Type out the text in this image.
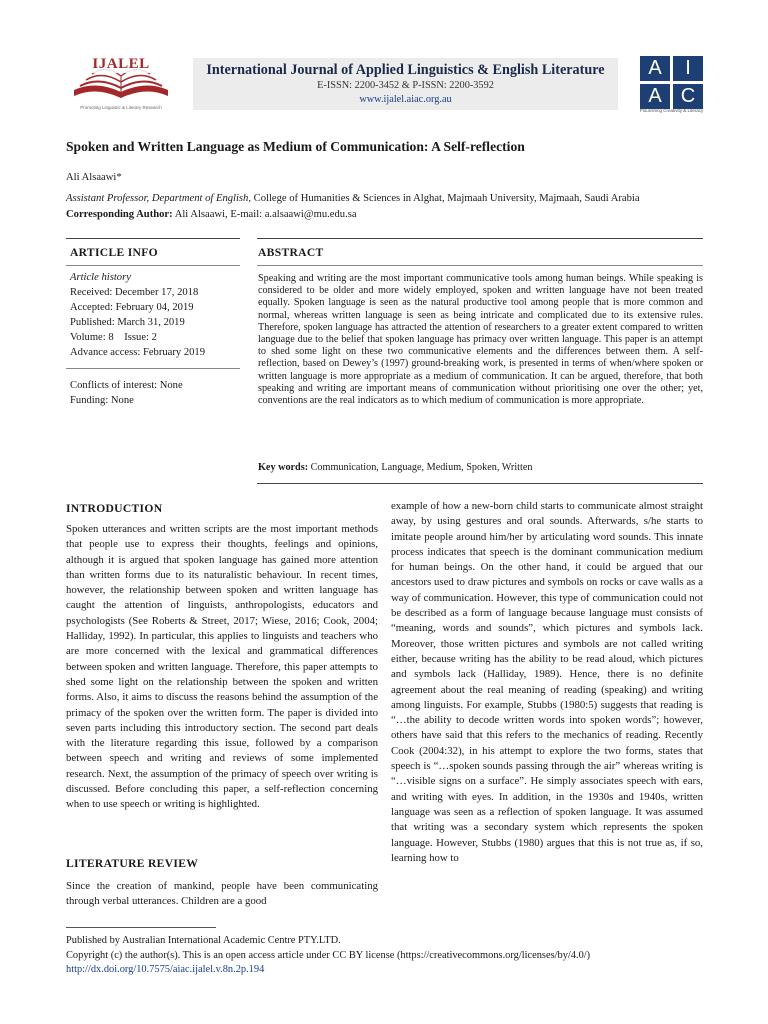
IJALEL
Promoting Linguistic & Literary Research
International Journal of Applied Linguistics & English Literature
E-ISSN: 2200-3452 & P-ISSN: 2200-3592
www.ijalel.aiac.org.au
A	I
A C
Flourishing Creativity & Literacy
Spoken and Written Language as Medium of Communication: A Self-reflection
Ali Alsaawi*
Assistant Professor, Department of English, College of Humanities & Sciences in Alghat, Majmaah University, Majmaah, Saudi Arabia
Corresponding Author: Ali Alsaawi, E-mail: a.alsaawi@mu.edu.sa
ARTICLE INFO	ABSTRACT
Article history
Received: December 17, 2018
Accepted: February 04, 2019
Published: March 31, 2019
Volume: 8    Issue: 2
Advance access: February 2019
Conflicts of interest: None
Funding: None
Speaking and writing are the most important communicative tools among human beings. While speaking is considered to be older and more widely employed, spoken and written language have not been treated equally. Spoken language is seen as the natural productive tool among people that is more common and normal, whereas written language is seen as being intricate and complicated due to its extensive rules. Therefore, spoken language has attracted the attention of researchers to a greater extent compared to written language due to the belief that spoken language has primacy over written language. This paper is an attempt to shed some light on these two communicative elements and the differences between them. A self-reflection, based on Dewey’s (1997) ground-breaking work, is presented in terms of when/where spoken or written language is more appropriate as a medium of communication. It can be argued, therefore, that both speaking and writing are important means of communication without prioritising one over the other; yet, conventions are the real indicators as to which medium of communication is more appropriate.
Key words: Communication, Language, Medium, Spoken, Written
INTRODUCTION
Spoken utterances and written scripts are the most important methods that people use to express their thoughts, feelings and opinions, although it is argued that spoken language has gained more attention than written forms due to its naturalistic behaviour. In recent times, however, the relationship between spoken and written language has caught the attention of linguists, anthropologists, educators and psychologists (See Roberts & Street, 2017; Wiese, 2016; Cook, 2004; Halliday, 1992). In particular, this applies to linguists and teachers who are more concerned with the lexical and grammatical differences between spoken and written language. Therefore, this paper attempts to shed some light on the relationship between the spoken and written forms. Also, it aims to discuss the reasons behind the assumption of the primacy of the spoken over the written form. The paper is divided into seven parts including this introductory section. The second part deals with the literature regarding this issue, followed by a comparison between speech and writing and reviews of some implemented research. Next, the assumption of the primacy of speech over writing is discussed. Before concluding this paper, a self-reflection concerning when to use speech or writing is highlighted.
LITERATURE REVIEW
Since the creation of mankind, people have been communicating through verbal utterances. Children are a good
example of how a new-born child starts to communicate almost straight away, by using gestures and oral sounds. Afterwards, s/he starts to imitate people around him/her by articulating word sounds. This innate process indicates that speech is the dominant communication medium for human beings. On the other hand, it could be argued that our ancestors used to draw pictures and symbols on rocks or cave walls as a way of communication. However, this type of communication could not be described as a form of language because language must consists of “meaning, words and sounds”, which pictures and symbols lack. Moreover, those written pictures and symbols are not called writing either, because writing has the ability to be read aloud, which pictures and symbols lack (Halliday, 1989). Hence, there is no definite agreement about the real meaning of reading (speaking) and writing among linguists. For example, Stubbs (1980:5) suggests that reading is “…the ability to decode written words into spoken words”; however, others have said that this refers to the mechanics of reading. Recently Cook (2004:32), in his attempt to explore the two forms, states that speech is “…spoken sounds passing through the air” whereas writing is “…visible signs on a surface”. He simply associates speech with ears, and writing with eyes. In addition, in the 1930s and 1940s, written language was seen as a reflection of spoken language. It was assumed that writing was a secondary system which represents the spoken language. However, Stubbs (1980) argues that this is not true as, if so, learning how to
Published by Australian International Academic Centre PTY.LTD.
Copyright (c) the author(s). This is an open access article under CC BY license (https://creativecommons.org/licenses/by/4.0/)
http://dx.doi.org/10.7575/aiac.ijalel.v.8n.2p.194
